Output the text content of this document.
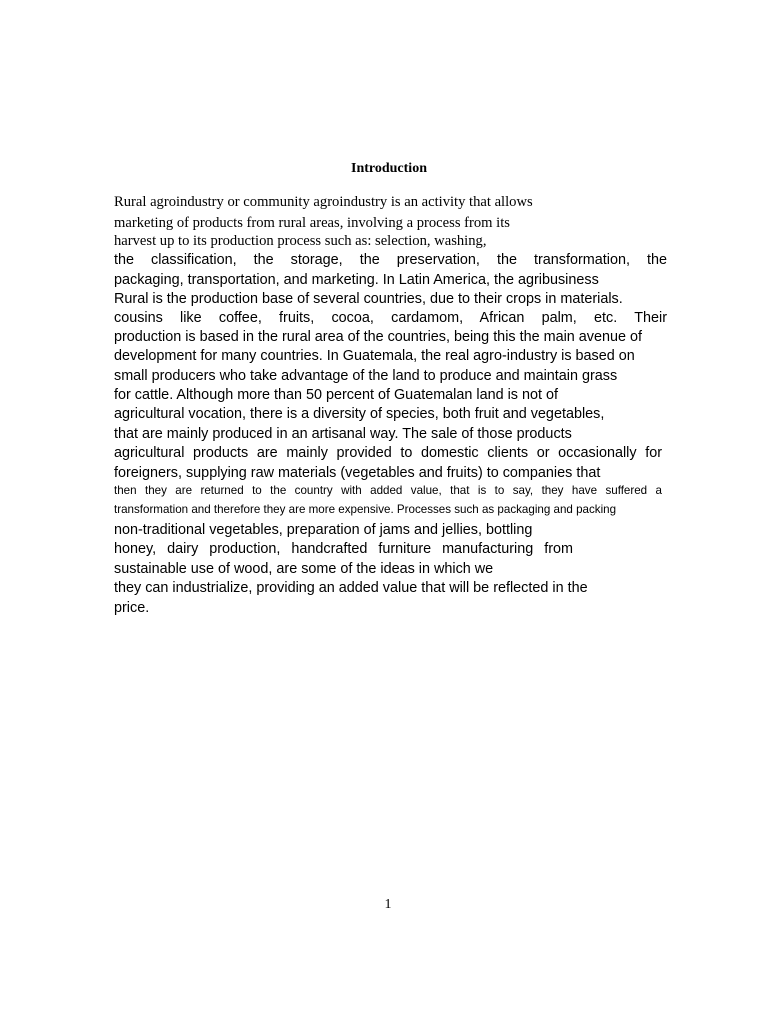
Introduction
Rural agroindustry or community agroindustry is an activity that allows
marketing of products from rural areas, involving a process from its
harvest up to its production process such as: selection, washing,
the classification, the storage, the preservation, the transformation, the
packaging, transportation, and marketing. In Latin America, the agribusiness
Rural is the production base of several countries, due to their crops in materials.
cousins like coffee, fruits, cocoa, cardamom, African palm, etc. Their
production is based in the rural area of the countries, being this the main avenue of
development for many countries. In Guatemala, the real agro-industry is based on
small producers who take advantage of the land to produce and maintain grass
for cattle. Although more than 50 percent of Guatemalan land is not of
agricultural vocation, there is a diversity of species, both fruit and vegetables,
that are mainly produced in an artisanal way. The sale of those products
agricultural products are mainly provided to domestic clients or occasionally for
foreigners, supplying raw materials (vegetables and fruits) to companies that
then they are returned to the country with added value, that is to say, they have suffered a
transformation and therefore they are more expensive. Processes such as packaging and packing
non-traditional vegetables, preparation of jams and jellies, bottling
honey, dairy production, handcrafted furniture manufacturing from
sustainable use of wood, are some of the ideas in which we
they can industrialize, providing an added value that will be reflected in the
price.
1
